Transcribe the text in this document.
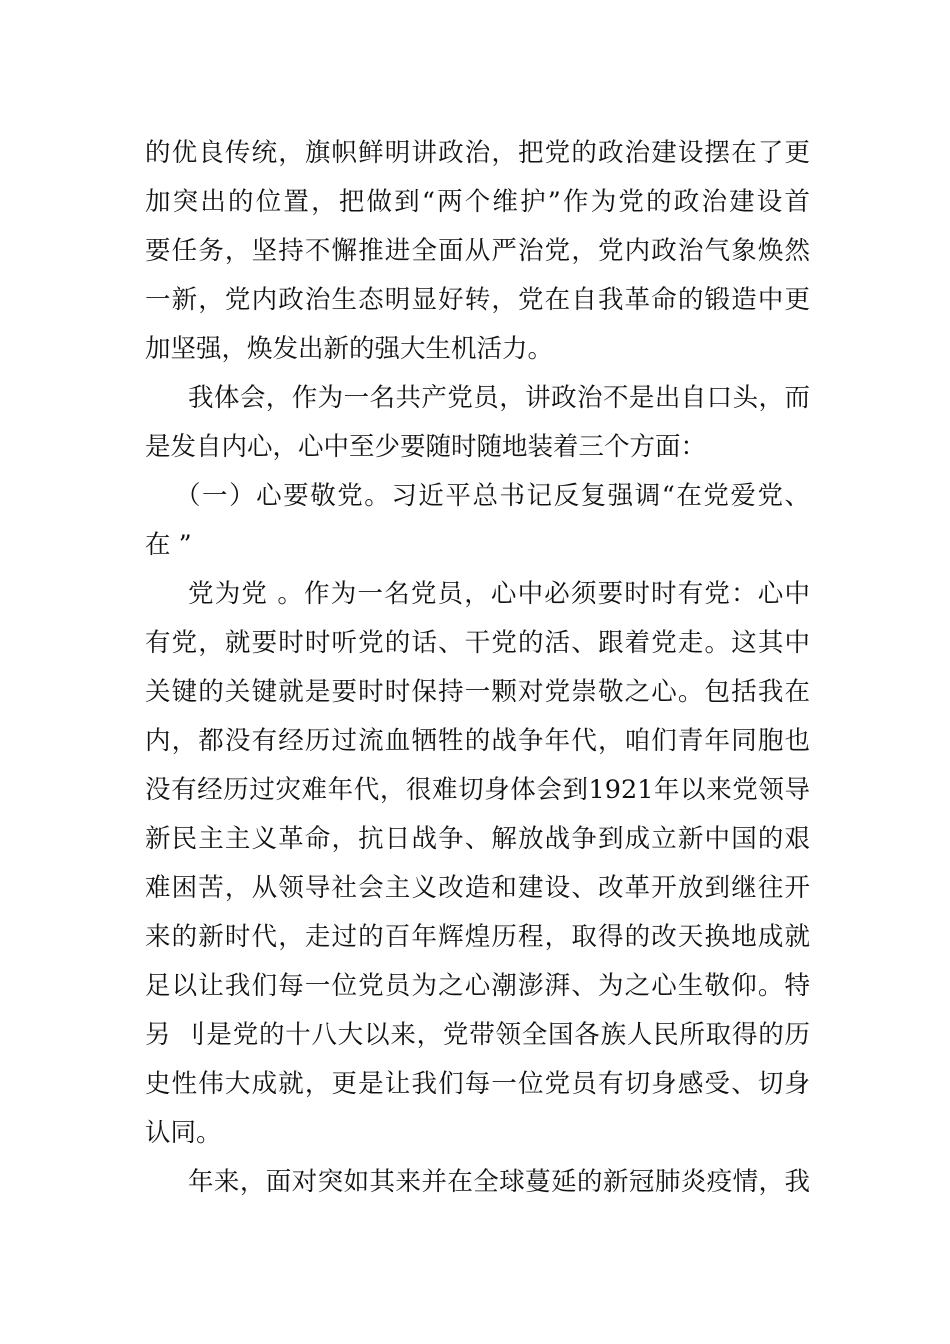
的优良传统，旗帜鲜明讲政治，把党的政治建设摆在了更
加突出的位置，把做到“两个维护”作为党的政治建设首
要任务，坚持不懈推进全面从严治党，党内政治气象焕然
一新，党内政治生态明显好转，党在自我革命的锻造中更
加坚强，焕发出新的强大生机活力。
我体会，作为一名共产党员，讲政治不是出自口头，而
是发自内心，心中至少要随时随地装着三个方面：
（一）心要敬党。习近平总书记反复强调“在党爱党、
在 ”
党为党 。作为一名党员，心中必须要时时有党：心中
有党，就要时时听党的话、干党的活、跟着党走。这其中
关键的关键就是要时时保持一颗对党崇敬之心。包括我在
内，都没有经历过流血牺牲的战争年代，咱们青年同胞也
没有经历过灾难年代，很难切身体会到1921年以来党领导
新民主主义革命，抗日战争、解放战争到成立新中国的艰
难困苦，从领导社会主义改造和建设、改革开放到继往开
来的新时代，走过的百年辉煌历程，取得的改天换地成就
足以让我们每一位党员为之心潮澎湃、为之心生敬仰。特
另 刂是党的十八大以来，党带领全国各族人民所取得的历
史性伟大成就，更是让我们每一位党员有切身感受、切身
认同。
年来，面对突如其来并在全球蔓延的新冠肺炎疫情，我
